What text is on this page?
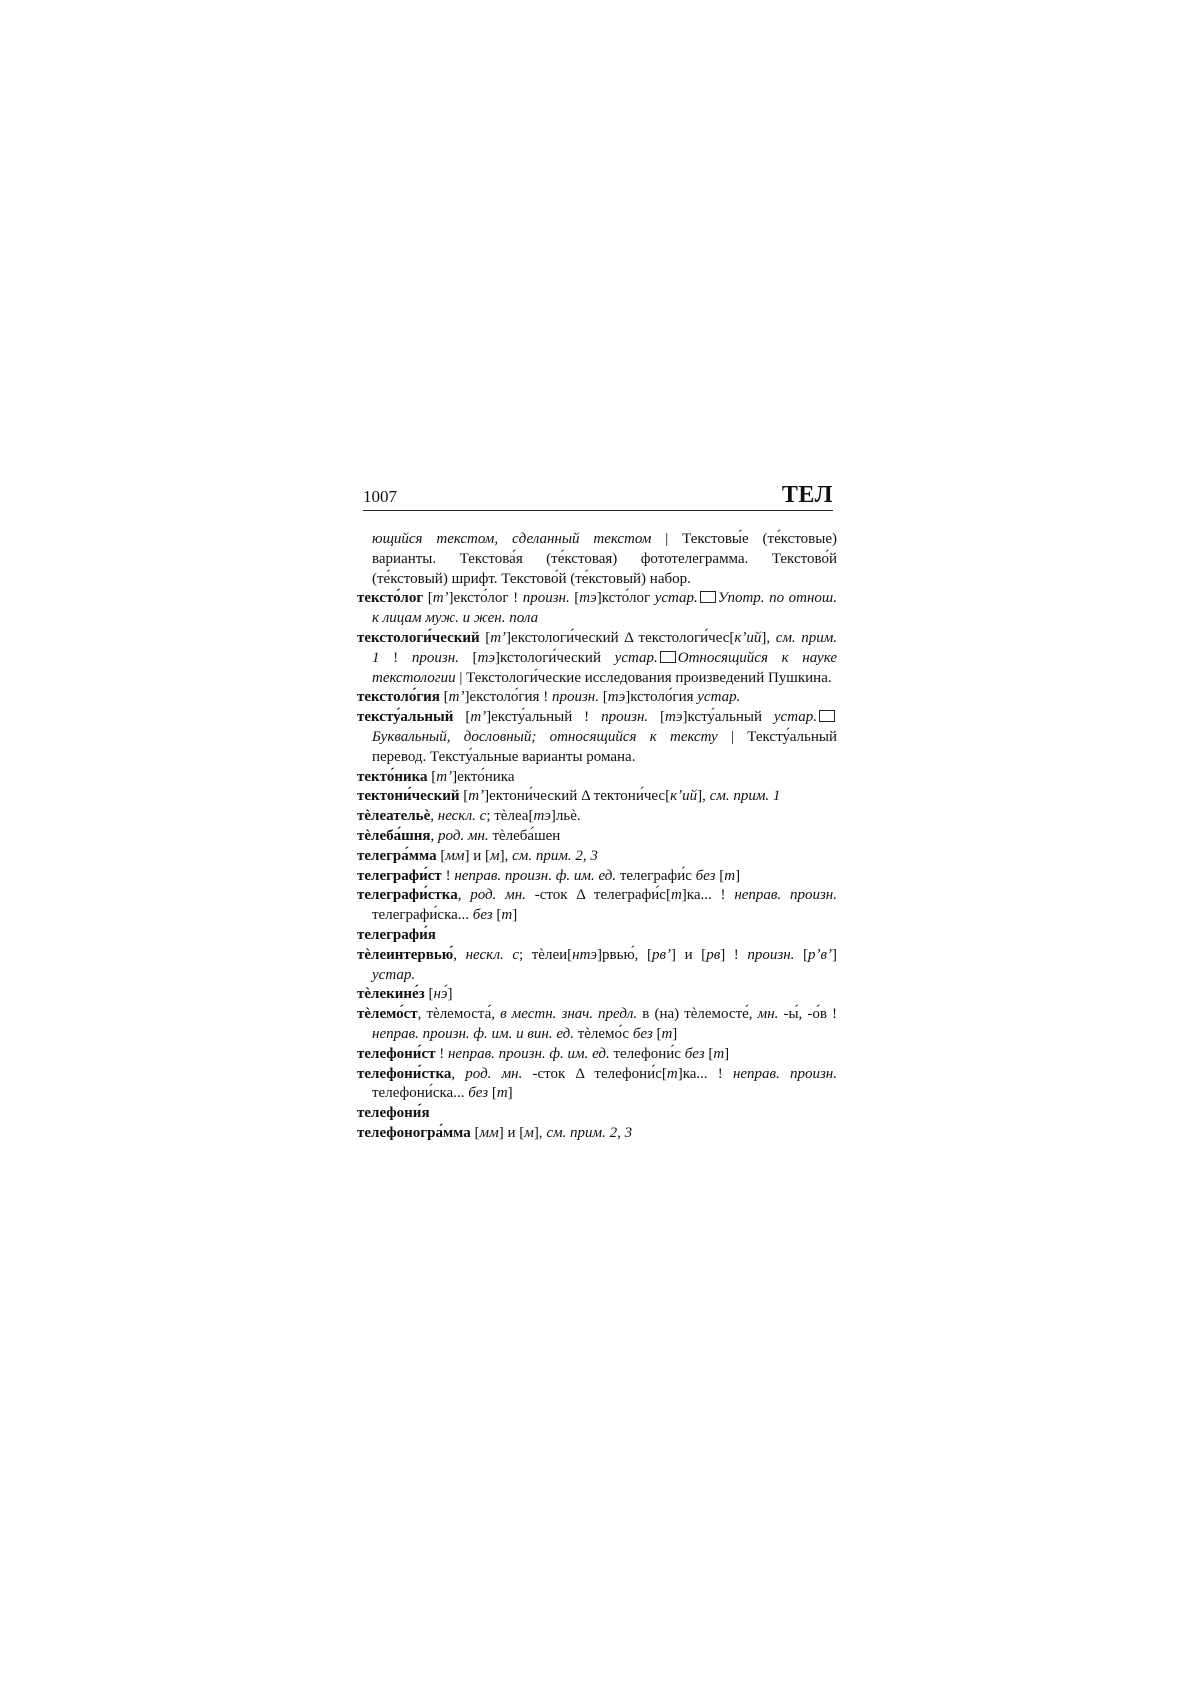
1007	ТЕЛ

ющийся текстом, сделанный текстом | Текстовы́е (те́кстовые) варианты. Текстова́я (те́кстовая) фототелеграмма. Текстово́й (те́кстовый) шрифт. Текстово́й (те́кстовый) набор.

тексто́лог [тʼ]ексто́лог ! произн. [тэ]ксто́лог устар. Употр. по отнош. к лицам муж. и жен. пола

текстологи́ческий [тʼ]екстологи́ческий Δ текстологи́чес[кʼий], см. прим. 1 ! произн. [тэ]кстологи́ческий устар. Относящийся к науке текстологии | Текстологи́ческие исследования произведений Пушкина.

текстоло́гия [тʼ]екстоло́гия ! произн. [тэ]кстоло́гия устар.

тексту́альный [тʼ]ексту́альный ! произн. [тэ]ксту́альный устар.Буквальный, дословный; относящийся к тексту | Тексту́альный перевод. Тексту́альные варианты романа.

текто́ника [тʼ]екто́ника

тектони́ческий [тʼ]ектони́ческий Δ тектони́чес[кʼий], см. прим. 1

тѐлеательѐ, нескл. с; тѐлеа[тэ]льѐ.

тѐлеба́шня, род. мн. тѐлеба́шен

телегра́мма [мм] и [м], см. прим. 2, 3

телеграфи́ст ! неправ. произн. ф. им. ед. телеграфи́с без [т]

телеграфи́стка, род. мн. -сток Δ телеграфи́с[т]ка... ! неправ. произн. телеграфи́ска... без [т]

телеграфи́я

тѐлеинтервью́, нескл. с; тѐлеи[нтэ]рвью́, [рвʼ] и [рв] ! произн. [рʼвʼ] устар.

тѐлекине́з [нэ́]

тѐлемо́ст, тѐлемоста́, в местн. знач. предл. в (на) тѐлемосте́, мн. -ы́, -о́в ! неправ. произн. ф. им. и вин. ед. тѐлемо́с без [т]

телефони́ст ! неправ. произн. ф. им. ед. телефони́с без [т]

телефони́стка, род. мн. -сток Δ телефони́с[т]ка... ! неправ. произн. телефони́ска... без [т]

телефони́я

телефоногра́мма [мм] и [м], см. прим. 2, 3
